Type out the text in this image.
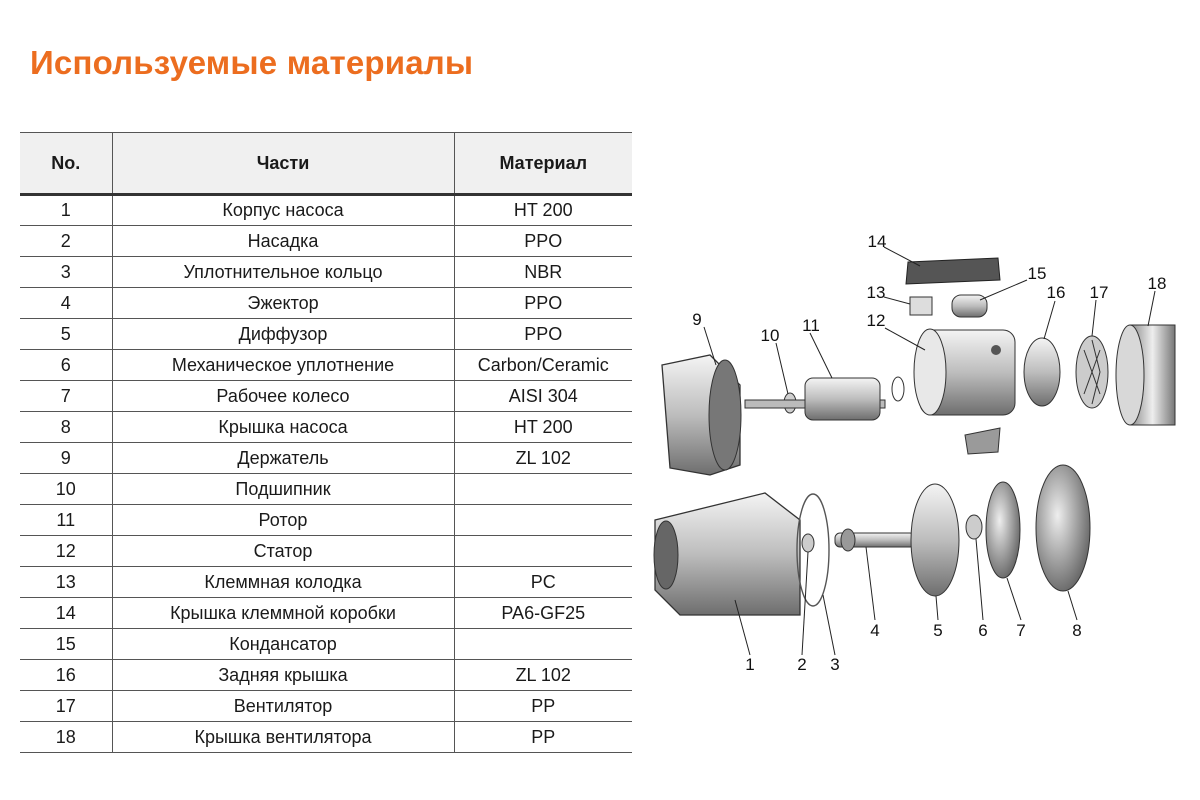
Используемые материалы
No.	Части	Материал
1	Корпус насоса	HT 200
2	Насадка	PPO
3	Уплотнительное кольцо	NBR
4	Эжектор	PPO
5	Диффузор	PPO
6	Механическое уплотнение	Carbon/Ceramic
7	Рабочее колесо	AISI 304
8	Крышка насоса	HT 200
9	Держатель	ZL 102
10	Подшипник	
11	Ротор	
12	Статор	
13	Клеммная колодка	PC
14	Крышка клеммной коробки	PA6-GF25
15	Кондансатор	
16	Задняя крышка	ZL 102
17	Вентилятор	PP
18	Крышка вентилятора	PP
1	2 3
4	5 6 7	8
9
10
11	12
13
14
15
16 17 18
